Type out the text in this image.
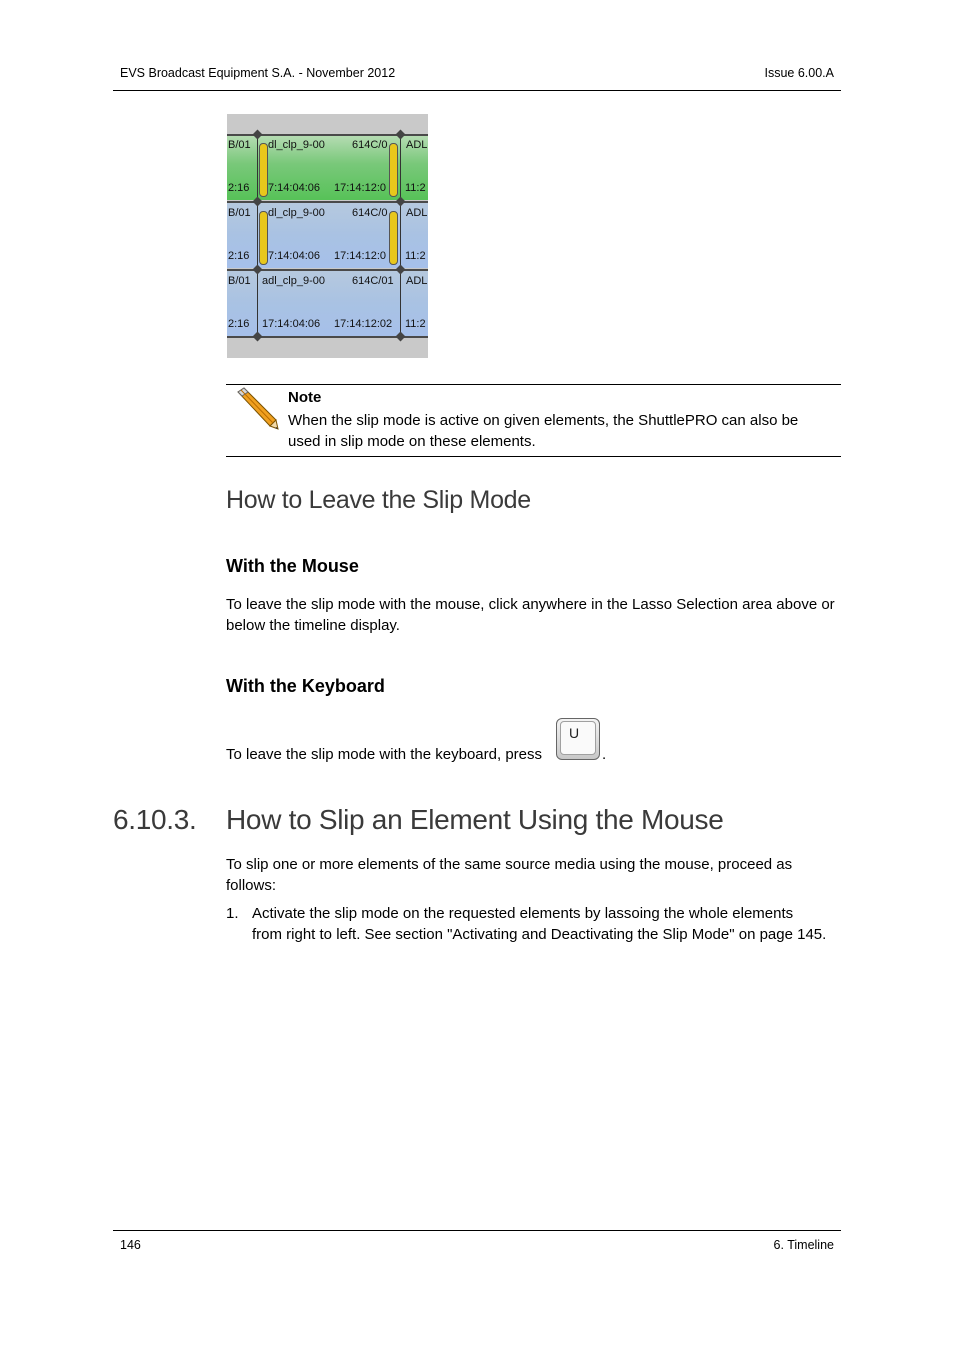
EVS Broadcast Equipment S.A. - November 2012	Issue 6.00.A
B/01
2:16
dl_clp_9-00 614C/0
7:14:04:06 17:14:12:0
ADL
11:2
B/01
2:16
dl_clp_9-00 614C/0
7:14:04:06 17:14:12:0
ADL
11:2
B/01
2:16
adl_clp_9-00 614C/01
17:14:04:06 17:14:12:02
ADL
11:2
Note
When the slip mode is active on given elements, the ShuttlePRO can also be used in slip mode on these elements.
How to Leave the Slip Mode
With the Mouse
To leave the slip mode with the mouse, click anywhere in the Lasso Selection area above or below the timeline display.
With the Keyboard
To leave the slip mode with the keyboard, press
U
.
6.10.3. How to Slip an Element Using the Mouse
To slip one or more elements of the same source media using the mouse, proceed as follows:
1. Activate the slip mode on the requested elements by lassoing the whole elements from right to left. See section "Activating and Deactivating the Slip Mode" on page 145.
146	6. Timeline
